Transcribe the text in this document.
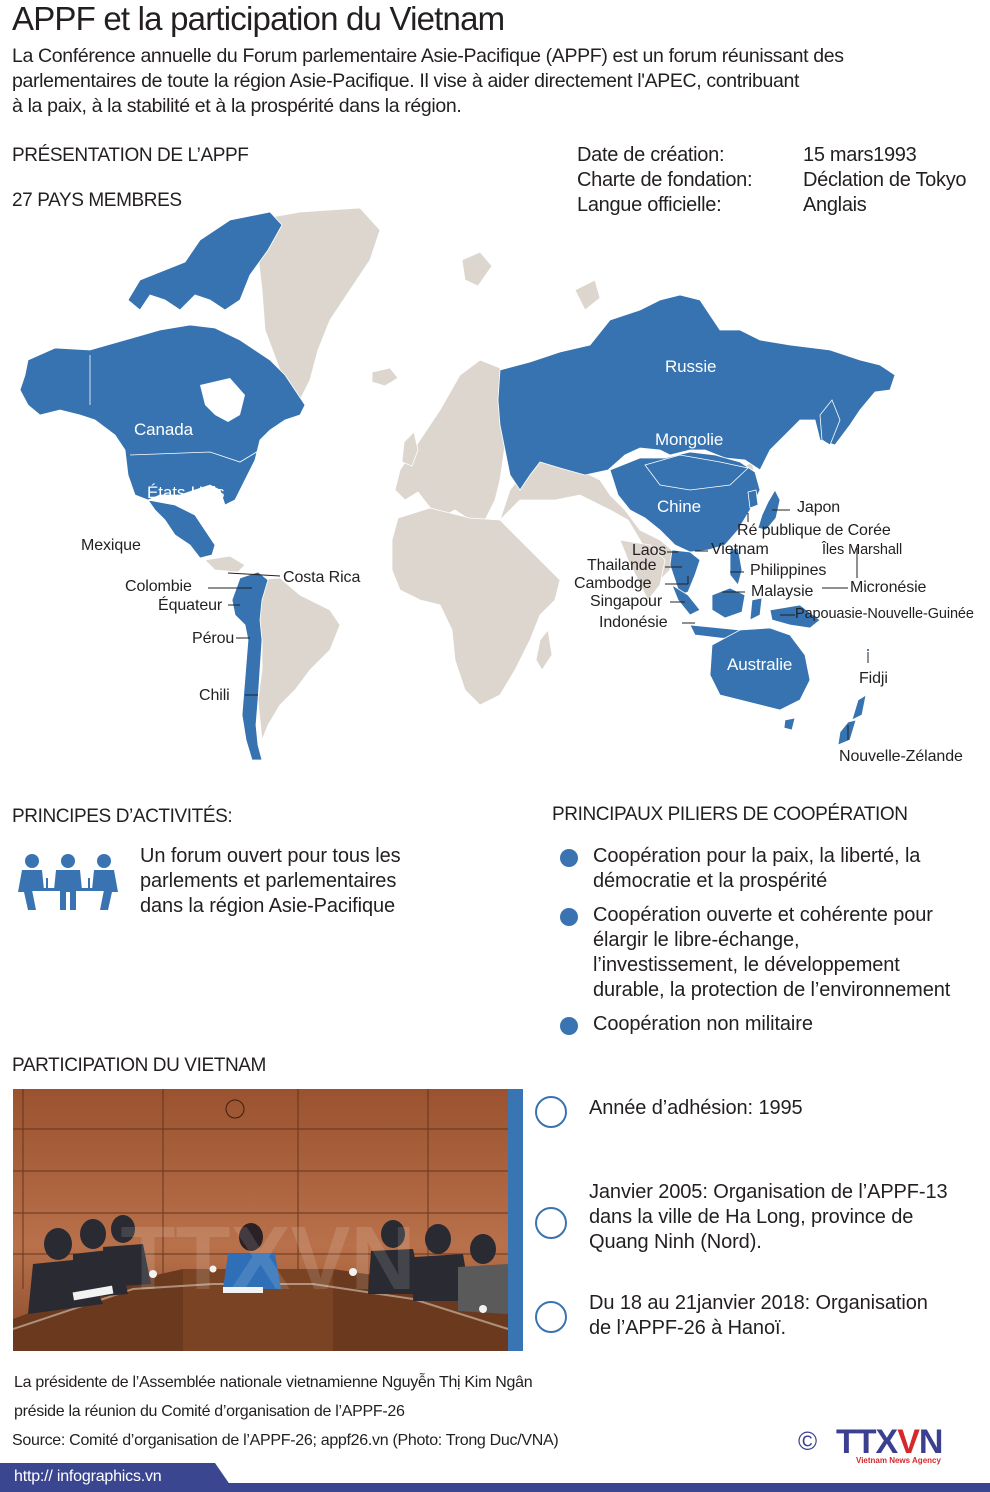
APPF et la participation du Vietnam
La Conférence annuelle du Forum parlementaire Asie-Pacifique (APPF) est un forum réunissant des
parlementaires de toute la région Asie-Pacifique. Il vise à aider directement l'APEC, contribuant
à la paix, à la stabilité et à la prospérité dans la région.
PRÉSENTATION DE L’APPF
27 PAYS MEMBRES
Date de création:	15 mars1993
Charte de fondation:	Déclation de Tokyo
Langue officielle:	Anglais
Canada
États-Unis
Russie
Mongolie
Chine
Australie
Mexique
Colombie
Costa Rica
Équateur
Pérou
Chili
Japon
Ré publique de Corée
Laos	Vietnam	Îles Marshall
Thailande	Philippines
Cambodge	Micronésie
Malaysie
Singapour
Papouasie-Nouvelle-Guinée
Indonésie
Fidji
Nouvelle-Zélande
PRINCIPES D’ACTIVITÉS:
Un forum ouvert pour tous les
parlements et parlementaires
dans la région Asie-Pacifique
PRINCIPAUX PILIERS DE COOPÉRATION
Coopération pour la paix, la liberté, la
démocratie et la prospérité
Coopération ouverte et cohérente pour
élargir le libre-échange,
l’investissement, le développement
durable, la protection de l’environnement
Coopération non militaire
PARTICIPATION DU VIETNAM
TTXVN
Année d’adhésion: 1995
Janvier 2005: Organisation de l’APPF-13
dans la ville de Ha Long, province de
Quang Ninh (Nord).
Du 18 au 21janvier 2018: Organisation
de l’APPF-26 à Hanoï.
La présidente de l’Assemblée nationale vietnamienne Nguyễn Thị Kim Ngân
préside la réunion du Comité d’organisation de l’APPF-26
Source: Comité d’organisation de l’APPF-26; appf26.vn (Photo: Trong Duc/VNA)	© TTXVN
Vietnam News Agency
http:// infographics.vn
